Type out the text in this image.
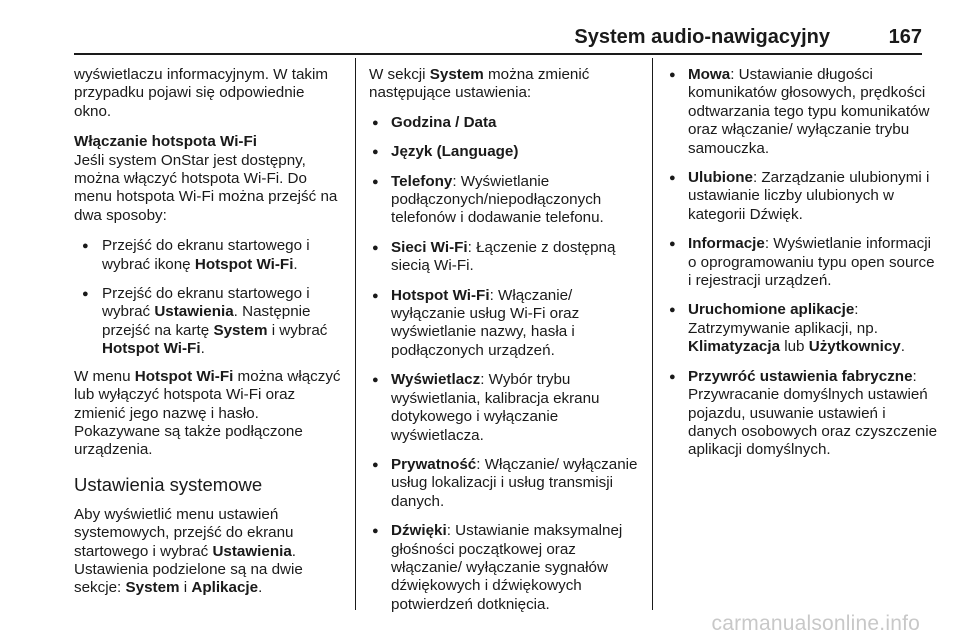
System audio-nawigacyjny	167

wyświetlaczu informacyjnym. W takim przypadku pojawi się odpowiednie okno.

Włączanie hotspota Wi-Fi

Jeśli system OnStar jest dostępny, można włączyć hotspota Wi-Fi. Do menu hotspota Wi-Fi można przejść na dwa sposoby:

● Przejść do ekranu startowego i wybrać ikonę Hotspot Wi-Fi.
● Przejść do ekranu startowego i wybrać Ustawienia. Następnie przejść na kartę System i wybrać Hotspot Wi-Fi.

W menu Hotspot Wi-Fi można włączyć lub wyłączyć hotspota Wi-Fi oraz zmienić jego nazwę i hasło. Pokazywane są także podłączone urządzenia.

Ustawienia systemowe

Aby wyświetlić menu ustawień systemowych, przejść do ekranu startowego i wybrać Ustawienia. Ustawienia podzielone są na dwie sekcje: System i Aplikacje.

W sekcji System można zmienić następujące ustawienia:

● Godzina / Data
● Język (Language)
● Telefony: Wyświetlanie podłączonych/niepodłączonych telefonów i dodawanie telefonu.
● Sieci Wi-Fi: Łączenie z dostępną siecią Wi-Fi.
● Hotspot Wi-Fi: Włączanie/ wyłączanie usług Wi-Fi oraz wyświetlanie nazwy, hasła i podłączonych urządzeń.
● Wyświetlacz: Wybór trybu wyświetlania, kalibracja ekranu dotykowego i wyłączanie wyświetlacza.
● Prywatność: Włączanie/ wyłączanie usług lokalizacji i usług transmisji danych.
● Dźwięki: Ustawianie maksymalnej głośności początkowej oraz włączanie/ wyłączanie sygnałów dźwiękowych i dźwiękowych potwierdzeń dotknięcia.
● Mowa: Ustawianie długości komunikatów głosowych, prędkości odtwarzania tego typu komunikatów oraz włączanie/ wyłączanie trybu samouczka.
● Ulubione: Zarządzanie ulubionymi i ustawianie liczby ulubionych w kategorii Dźwięk.
● Informacje: Wyświetlanie informacji o oprogramowaniu typu open source i rejestracji urządzeń.
● Uruchomione aplikacje: Zatrzymywanie aplikacji, np. Klimatyzacja lub Użytkownicy.
● Przywróć ustawienia fabryczne: Przywracanie domyślnych ustawień pojazdu, usuwanie ustawień i danych osobowych oraz czyszczenie aplikacji domyślnych.
carmanualsonline.info
